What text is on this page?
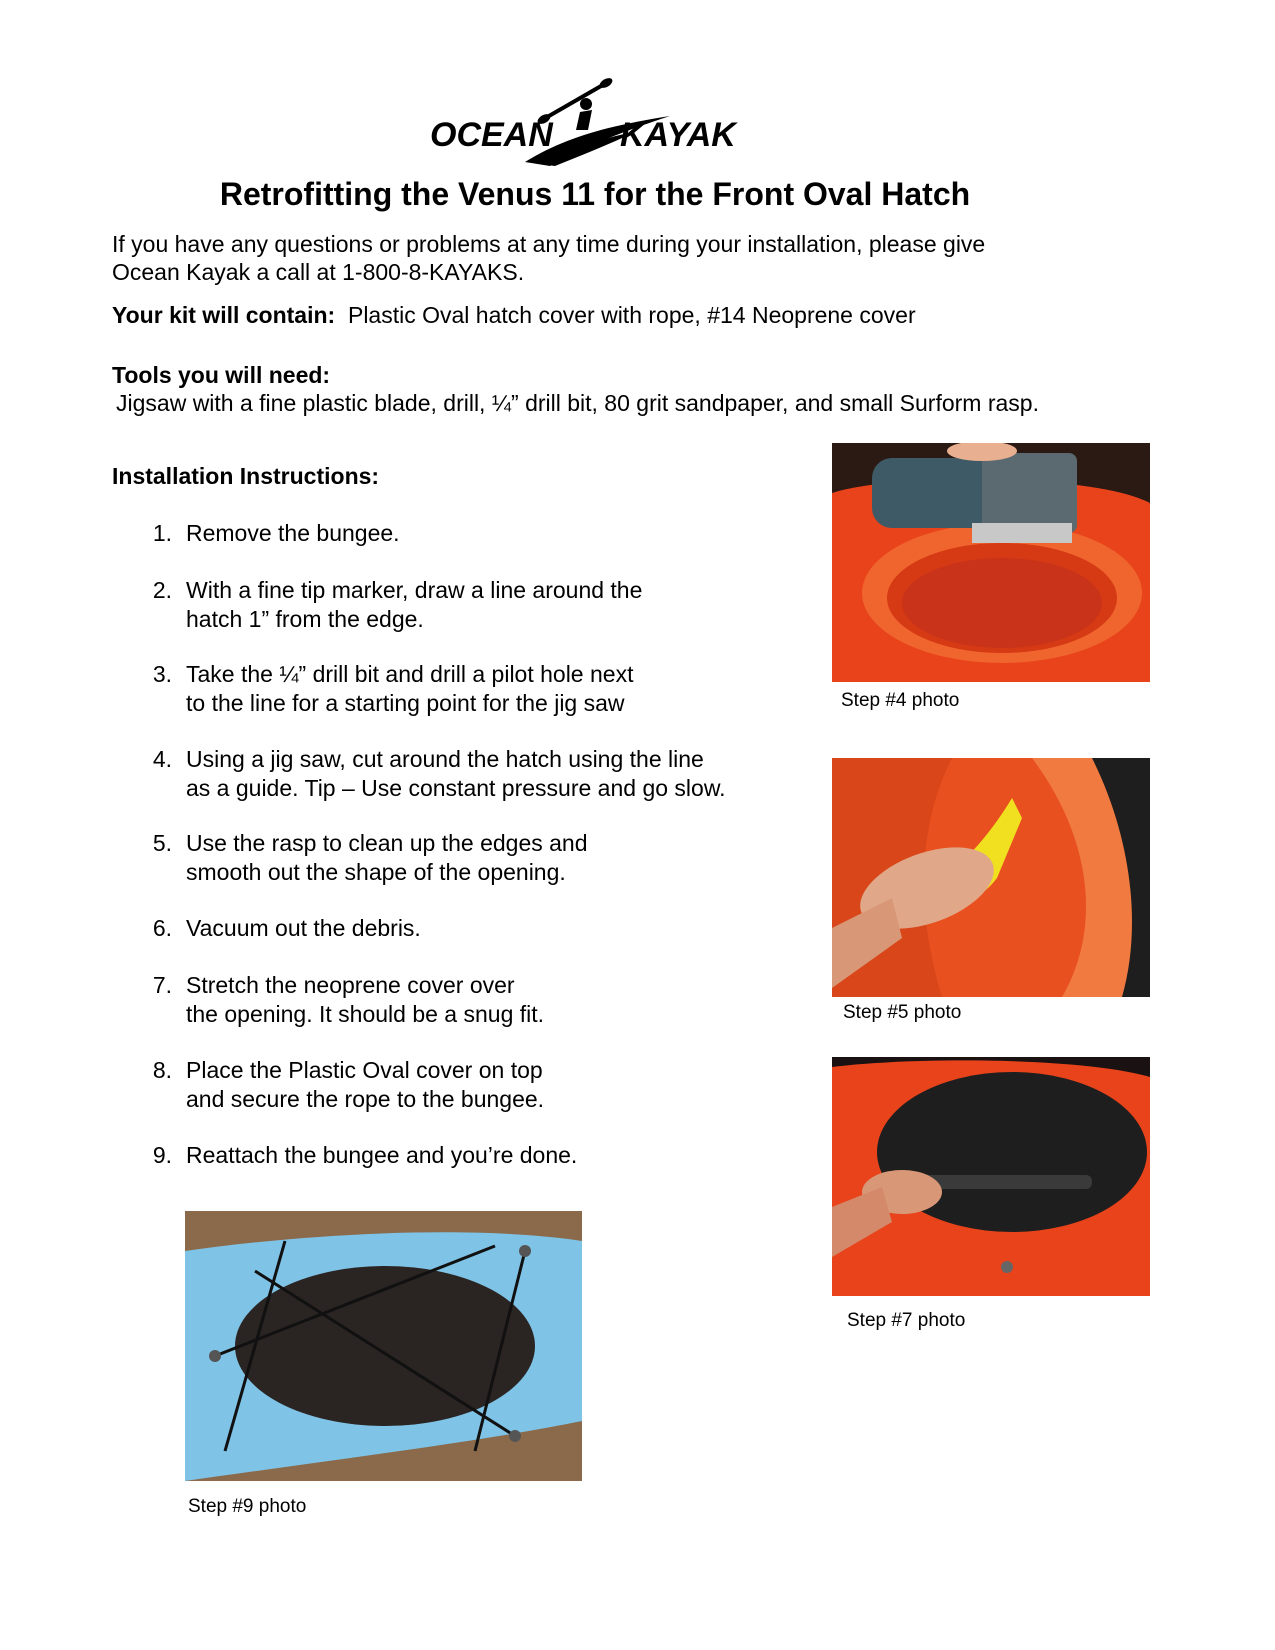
OCEAN KAYAK
Retrofitting the Venus 11 for the Front Oval Hatch
If you have any questions or problems at any time during your installation, please give
Ocean Kayak a call at 1-800-8-KAYAKS.
Your kit will contain: Plastic Oval hatch cover with rope, #14 Neoprene cover
Tools you will need:
Jigsaw with a fine plastic blade, drill, ¼” drill bit, 80 grit sandpaper, and small Surform rasp.
Installation Instructions:
1. Remove the bungee.
2. With a fine tip marker, draw a line around the
hatch 1” from the edge.
3. Take the ¼” drill bit and drill a pilot hole next
to the line for a starting point for the jig saw
4. Using a jig saw, cut around the hatch using the line
as a guide. Tip – Use constant pressure and go slow.
5. Use the rasp to clean up the edges and
smooth out the shape of the opening.
6. Vacuum out the debris.
7. Stretch the neoprene cover over
the opening. It should be a snug fit.
8. Place the Plastic Oval cover on top
and secure the rope to the bungee.
9. Reattach the bungee and you’re done.
Step #4 photo
Step #5 photo
Step #7 photo
Step #9 photo
